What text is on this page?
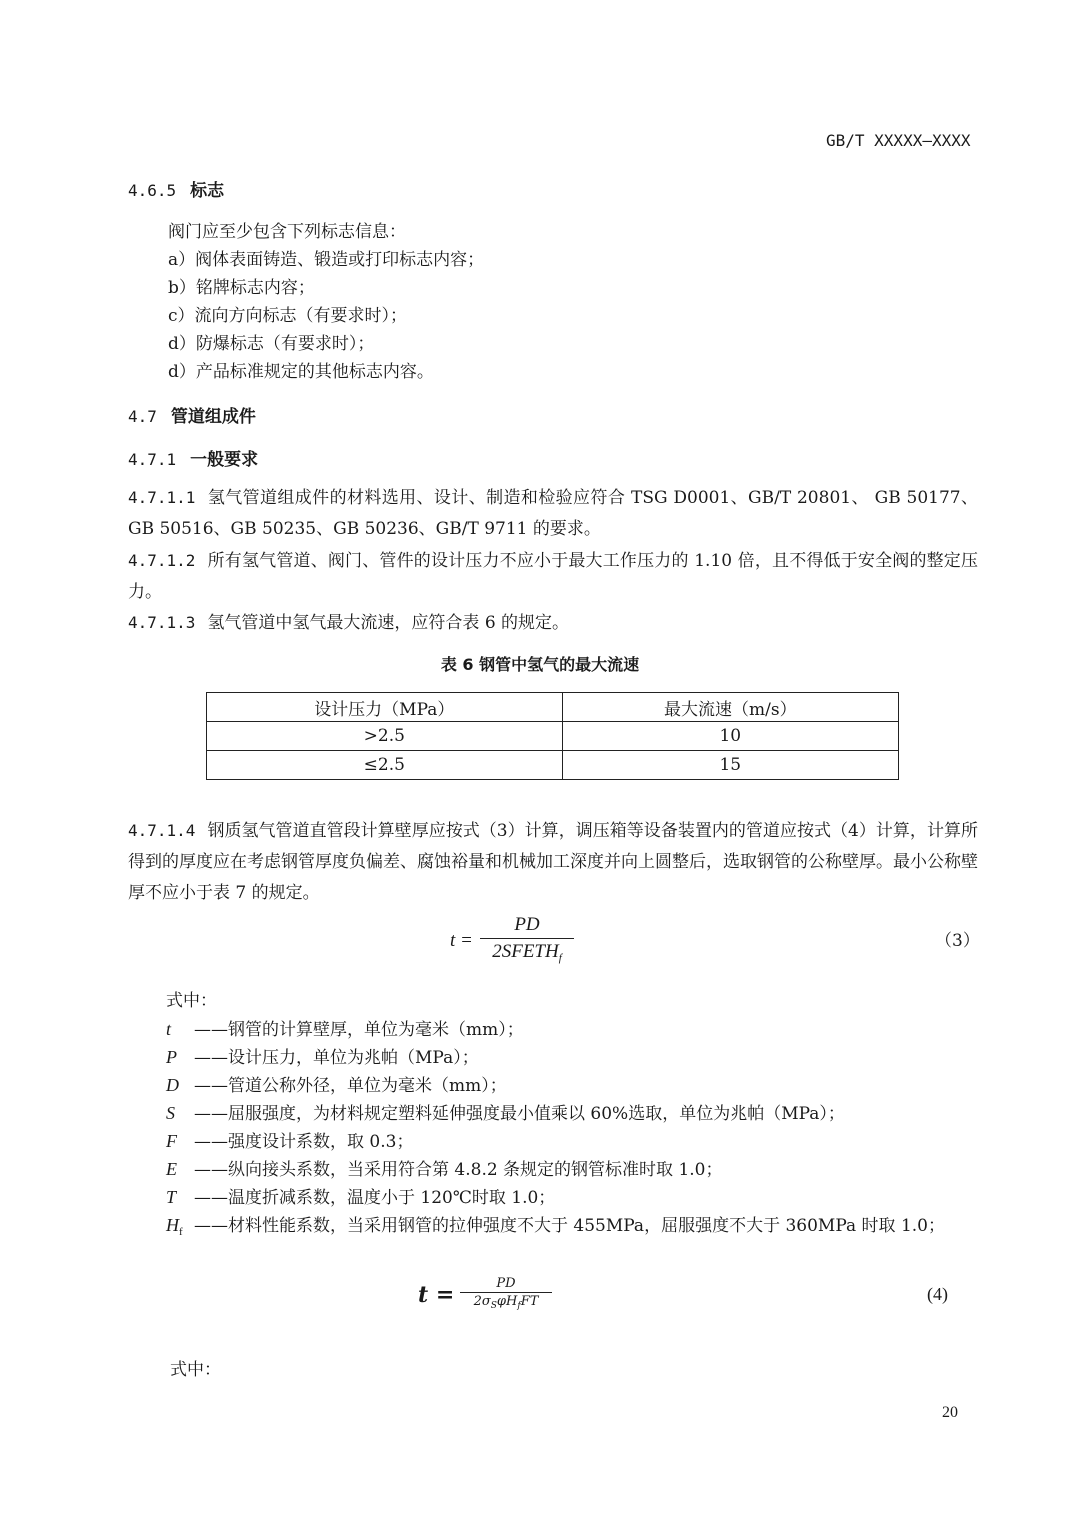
GB/T XXXXX—XXXX
4.6.5 标志
阀门应至少包含下列标志信息：
a）阀体表面铸造、锻造或打印标志内容；
b）铭牌标志内容；
c）流向方向标志（有要求时）；
d）防爆标志（有要求时）；
d）产品标准规定的其他标志内容。
4.7 管道组成件
4.7.1 一般要求
4.7.1.1 氢气管道组成件的材料选用、设计、制造和检验应符合 TSG D0001、GB/T 20801、 GB 50177、GB 50516、GB 50235、GB 50236、GB/T 9711 的要求。
4.7.1.2 所有氢气管道、阀门、管件的设计压力不应小于最大工作压力的 1.10 倍，且不得低于安全阀的整定压力。
4.7.1.3 氢气管道中氢气最大流速，应符合表 6 的规定。
表 6 钢管中氢气的最大流速
设计压力（MPa）	最大流速（m/s）
>2.5	10
≤2.5	15
4.7.1.4 钢质氢气管道直管段计算壁厚应按式（3）计算，调压箱等设备装置内的管道应按式（4）计算，计算所得到的厚度应在考虑钢管厚度负偏差、腐蚀裕量和机械加工深度并向上圆整后，选取钢管的公称壁厚。最小公称壁厚不应小于表 7 的规定。
t =
PD
$2SFETH_f$
（3）
式中：
t ——钢管的计算壁厚，单位为毫米（mm）；
P ——设计压力，单位为兆帕（MPa）；
D ——管道公称外径，单位为毫米（mm）；
S ——屈服强度，为材料规定塑料延伸强度最小值乘以 60%选取，单位为兆帕（MPa）；
F ——强度设计系数，取 0.3；
E ——纵向接头系数，当采用符合第 4.8.2 条规定的钢管标准时取 1.0；
T ——温度折减系数，温度小于 120℃时取 1.0；
$H_f$ ——材料性能系数，当采用钢管的拉伸强度不大于 455MPa，屈服强度不大于 360MPa 时取 1.0；
t =	PD
$2\sigma_S\varphi H_fFT$	(4)
式中：
20
